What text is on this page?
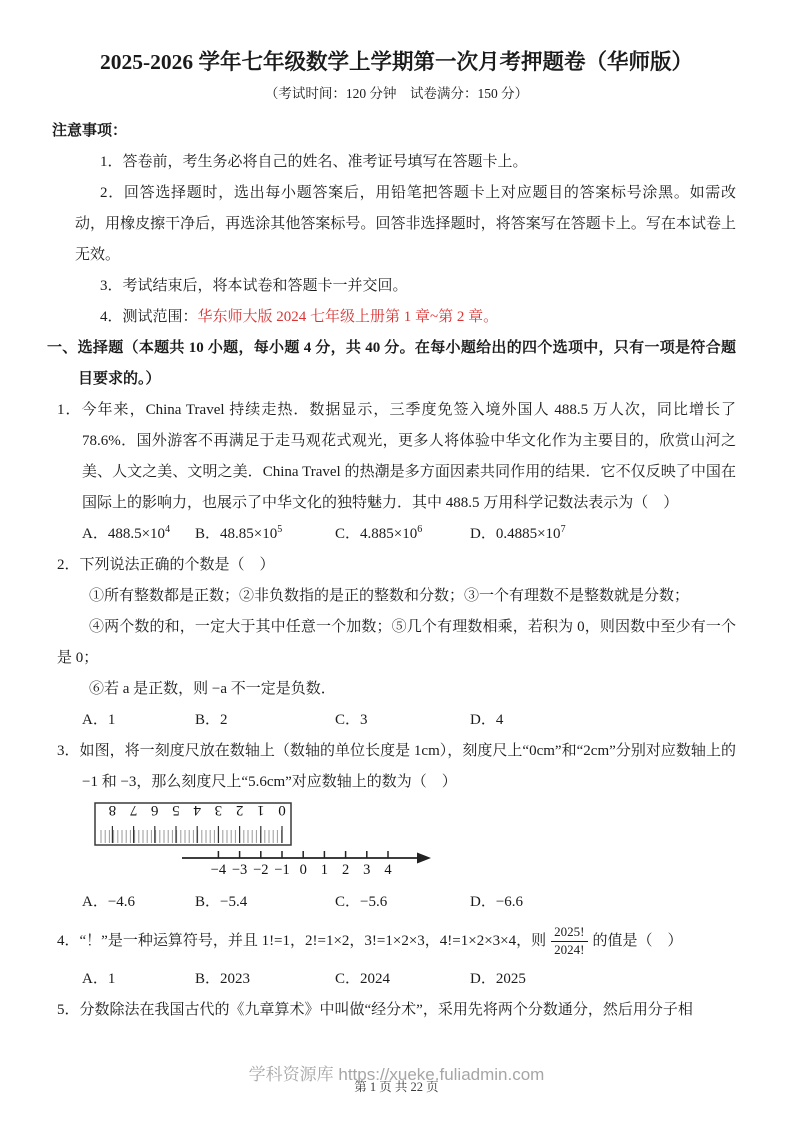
2025-2026 学年七年级数学上学期第一次月考押题卷（华师版）

（考试时间：120 分钟　试卷满分：150 分）

注意事项：

1．答卷前，考生务必将自己的姓名、准考证号填写在答题卡上。

2．回答选择题时，选出每小题答案后，用铅笔把答题卡上对应题目的答案标号涂黑。如需改动，用橡皮擦干净后，再选涂其他答案标号。回答非选择题时，将答案写在答题卡上。写在本试卷上无效。

3．考试结束后，将本试卷和答题卡一并交回。

4．测试范围：华东师大版 2024 七年级上册第 1 章~第 2 章。

一、选择题（本题共 10 小题，每小题 4 分，共 40 分。在每小题给出的四个选项中，只有一项是符合题目要求的。）

1．今年来，China Travel 持续走热．数据显示，三季度免签入境外国人 488.5 万人次，同比增长了 78.6%．国外游客不再满足于走马观花式观光，更多人将体验中华文化作为主要目的，欣赏山河之美、人文之美、文明之美．China Travel 的热潮是多方面因素共同作用的结果．它不仅反映了中国在国际上的影响力，也展示了中华文化的独特魅力．其中 488.5 万用科学记数法表示为（　）

A．$488.5\times 10^4$	B．$48.85\times 10^5$	C．$4.885\times 10^6$	D．$0.4885\times 10^7$

2．下列说法正确的个数是（　）

①所有整数都是正数；②非负数指的是正的整数和分数；③一个有理数不是整数就是分数；

④两个数的和，一定大于其中任意一个加数；⑤几个有理数相乘，若积为 0，则因数中至少有一个是 0；

⑥若 a 是正数，则 −a 不一定是负数．

A．1	B．2	C．3	D．4

3．如图，将一刻度尺放在数轴上（数轴的单位长度是 1cm），刻度尺上“0cm”和“2cm”分别对应数轴上的 −1 和 −3，那么刻度尺上“5.6cm”对应数轴上的数为（　）

0
1
2
3
4
5
6
7
8
−4 −3 −2 −1 0 1 2 3 4
A．−4.6	B．−5.4	C．−5.6	D．−6.6

4．“！”是一种运算符号，并且 1!=1，2!=1×2，3!=1×2×3，4!=1×2×3×4，则 $\frac{2025!}{2024!}$ 的值是（　）

A．1	B．2023	C．2024	D．2025

5．分数除法在我国古代的《九章算术》中叫做“经分术”，采用先将两个分数通分，然后用分子相

学科资源库 https://xueke.fuliadmin.com
第 1 页 共 22 页
